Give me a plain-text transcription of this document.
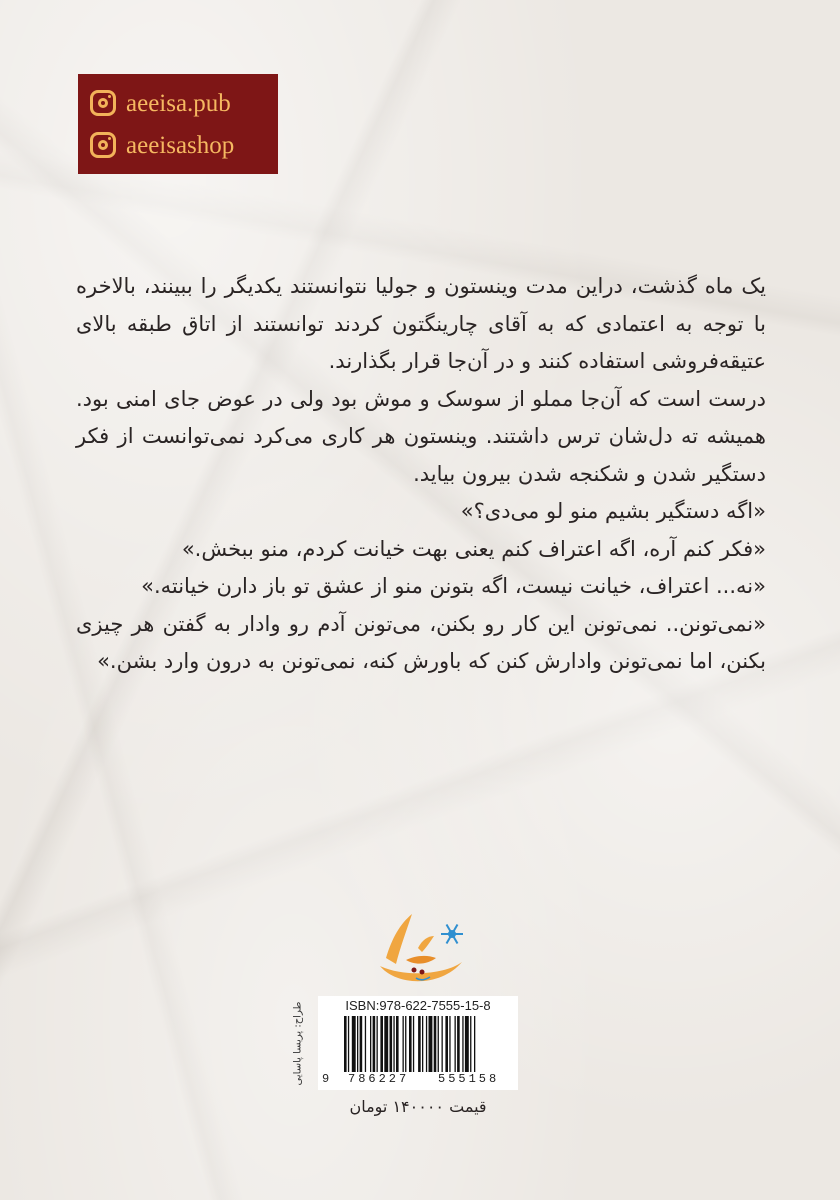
aeeisa.pub
aeeisashop

یک ماه گذشت، دراین مدت وینستون و جولیا نتوانستند یکدیگر را ببینند، بالاخره با توجه به اعتمادی که به آقای چارینگتون کردند توانستند از اتاق طبقه بالای عتیقه‌فروشی استفاده کنند و در آن‌جا قرار بگذارند.

درست است که آن‌جا مملو از سوسک و موش بود ولی در عوض جای امنی بود. همیشه ته دل‌شان ترس داشتند. وینستون هر کاری می‌کرد نمی‌توانست از فکر دستگیر شدن و شکنجه شدن بیرون بیاید.

«اگه دستگیر بشیم منو لو می‌دی؟»

«فکر کنم آره، اگه اعتراف کنم یعنی بهت خیانت کردم، منو ببخش.»

«نه... اعتراف، خیانت نیست، اگه بتونن منو از عشق تو باز دارن خیانته.»

«نمی‌تونن.. نمی‌تونن این کار رو بکنن، می‌تونن آدم رو وادار به گفتن هر چیزی بکنن، اما نمی‌تونن وادارش کنن که باورش کنه، نمی‌تونن به درون وارد بشن.»

طراح: پریسا پاسایی	ISBN:978-622-7555-15-8
9 786227 555158
قیمت ۱۴۰۰۰۰ تومان
